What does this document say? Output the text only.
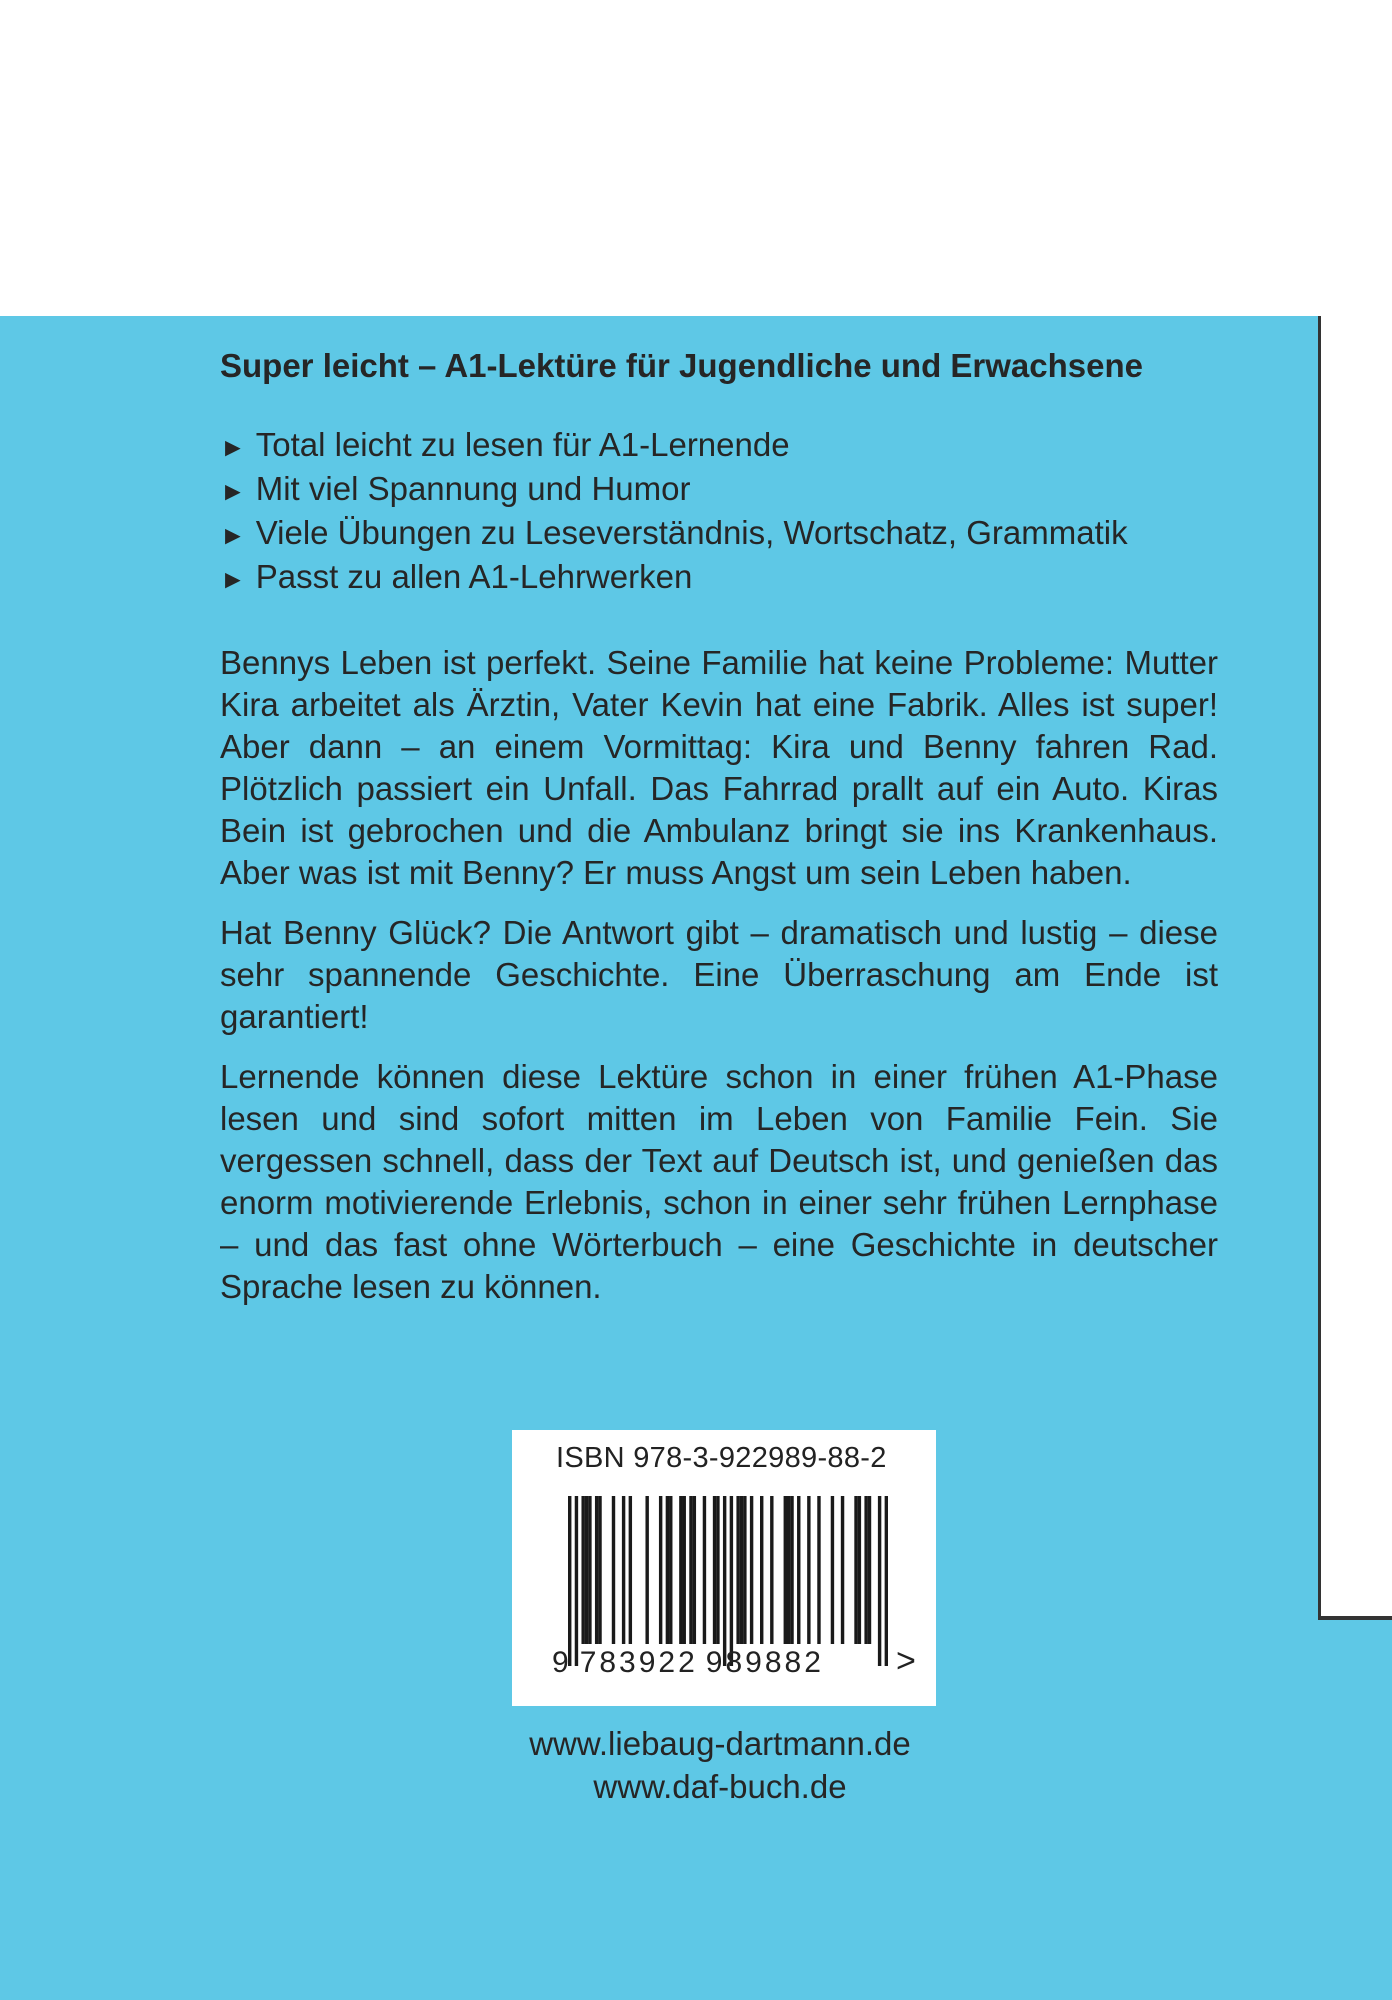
Super leicht – A1-Lektüre für Jugendliche und Erwachsene

► Total leicht zu lesen für A1-Lernende
► Mit viel Spannung und Humor
► Viele Übungen zu Leseverständnis, Wortschatz, Grammatik
► Passt zu allen A1-Lehrwerken

Bennys Leben ist perfekt. Seine Familie hat keine Probleme: Mutter Kira arbeitet als Ärztin, Vater Kevin hat eine Fabrik. Alles ist super! Aber dann – an einem Vormittag: Kira und Benny fahren Rad. Plötzlich passiert ein Unfall. Das Fahrrad prallt auf ein Auto. Kiras Bein ist gebrochen und die Ambulanz bringt sie ins Krankenhaus. Aber was ist mit Benny? Er muss Angst um sein Leben haben.

Hat Benny Glück? Die Antwort gibt – dramatisch und lustig – diese sehr spannende Geschichte. Eine Überraschung am Ende ist garantiert!

Lernende können diese Lektüre schon in einer frühen A1-Phase lesen und sind sofort mitten im Leben von Familie Fein. Sie vergessen schnell, dass der Text auf Deutsch ist, und genießen das enorm motivierende Erlebnis, schon in einer sehr frühen Lernphase – und das fast ohne Wörterbuch – eine Geschichte in deutscher Sprache lesen zu können.

ISBN 978-3-922989-88-2
9 783922 989882 >
www.liebaug-dartmann.de
www.daf-buch.de
